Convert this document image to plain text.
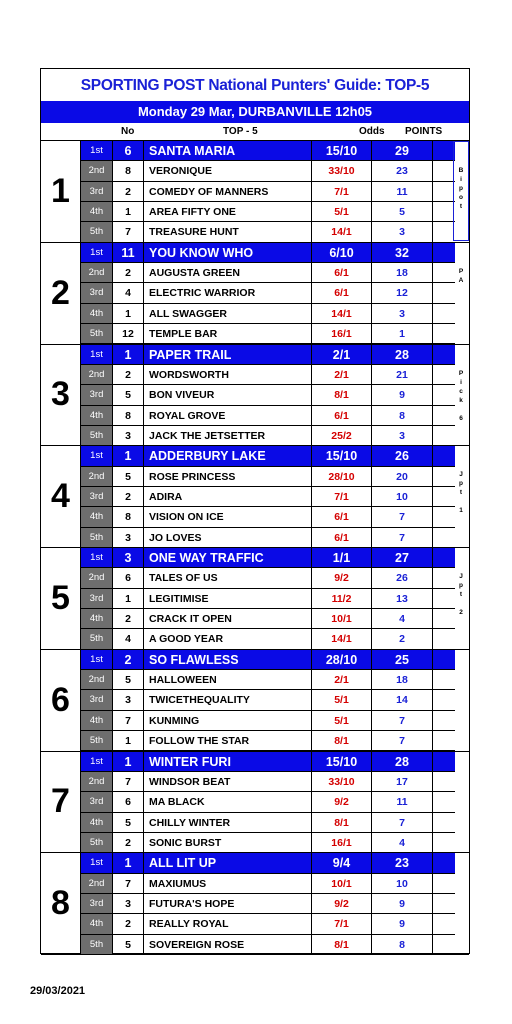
SPORTING POST National Punters' Guide: TOP-5
Monday 29 Mar, DURBANVILLE 12h05
No	TOP - 5	Odds POINTS
1
1st	6	SANTA MARIA	15/10	29
2nd	8	VERONIQUE	33/10	23
3rd	2	COMEDY OF MANNERS	7/1	11
4th	1	AREA FIFTY ONE	5/1	5
5th	7	TREASURE HUNT	14/1	3
B
i
p
o
t
2
1st	11	YOU KNOW WHO	6/10	32
2nd	2	AUGUSTA GREEN	6/1	18
3rd	4	ELECTRIC WARRIOR	6/1	12
4th	1	ALL SWAGGER	14/1	3
5th	12	TEMPLE BAR	16/1	1
P
A
3
1st	1	PAPER TRAIL	2/1	28
2nd	2	WORDSWORTH	2/1	21
3rd	5	BON VIVEUR	8/1	9
4th	8	ROYAL GROVE	6/1	8
5th	3	JACK THE JETSETTER	25/2	3
P
i
c
k

6
4
1st	1	ADDERBURY LAKE	15/10	26
2nd	5	ROSE PRINCESS	28/10	20
3rd	2	ADIRA	7/1	10
4th	8	VISION ON ICE	6/1	7
5th	3	JO LOVES	6/1	7
J
p
t

1
5
1st	3	ONE WAY TRAFFIC	1/1	27
2nd	6	TALES OF US	9/2	26
3rd	1	LEGITIMISE	11/2	13
4th	2	CRACK IT OPEN	10/1	4
5th	4	A GOOD YEAR	14/1	2
J
p
t

2
6
1st	2	SO FLAWLESS	28/10	25
2nd	5	HALLOWEEN	2/1	18
3rd	3	TWICETHEQUALITY	5/1	14
4th	7	KUNMING	5/1	7
5th	1	FOLLOW THE STAR	8/1	7
7
1st	1	WINTER FURI	15/10	28
2nd	7	WINDSOR BEAT	33/10	17
3rd	6	MA BLACK	9/2	11
4th	5	CHILLY WINTER	8/1	7
5th	2	SONIC BURST	16/1	4
8
1st	1	ALL LIT UP	9/4	23
2nd	7	MAXIUMUS	10/1	10
3rd	3	FUTURA'S HOPE	9/2	9
4th	2	REALLY ROYAL	7/1	9
5th	5	SOVEREIGN ROSE	8/1	8
29/03/2021
